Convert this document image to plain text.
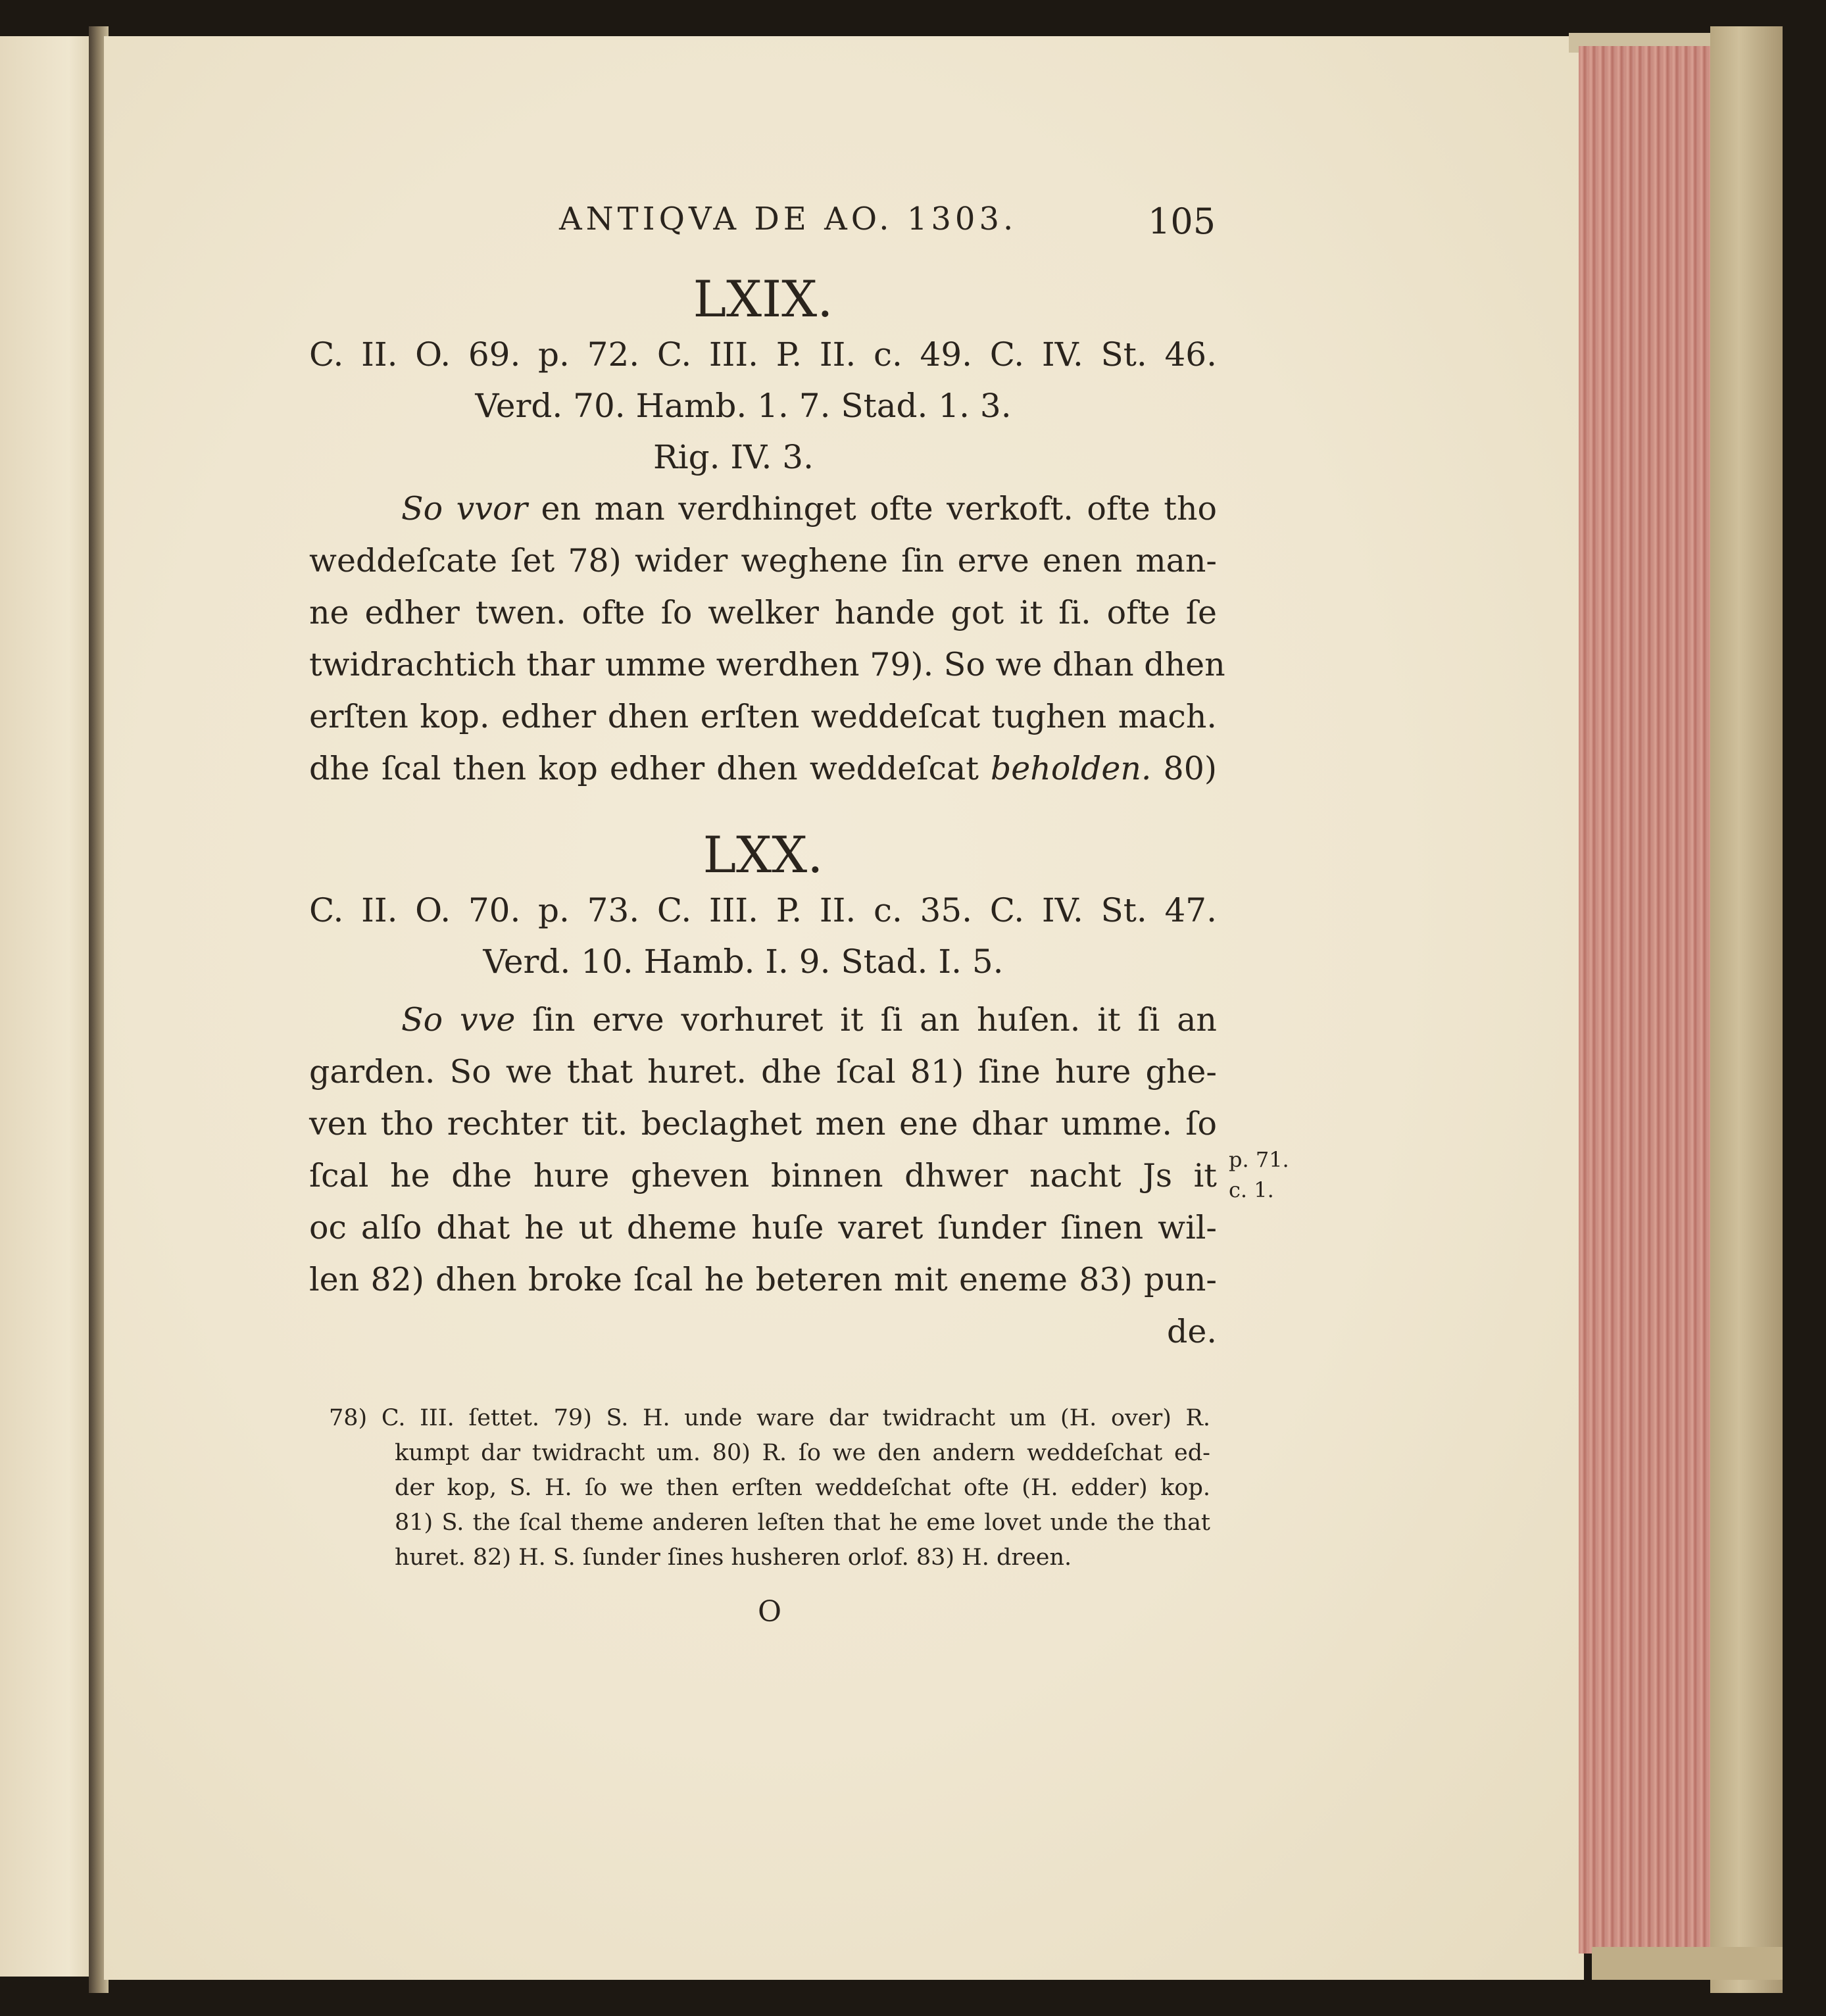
ANTIQVA DE AO. 1303.	105
LXIX.
C. II. O. 69. p. 72. C. III. P. II. c. 49. C. IV. St. 46.
Verd. 70. Hamb. 1. 7. Stad. 1. 3.
Rig. IV. 3.
So vvor en man verdhinget ofte verkoft. ofte tho
weddeſcate ſet 78) wider weghene ſin erve enen man-
ne edher twen. ofte ſo welker hande got it ſi. ofte ſe
twidrachtich thar umme werdhen 79). So we dhan dhen
erſten kop. edher dhen erſten weddeſcat tughen mach.
dhe ſcal then kop edher dhen weddeſcat beholden. 80)
LXX.
C. II. O. 70. p. 73. C. III. P. II. c. 35. C. IV. St. 47.
Verd. 10. Hamb. I. 9. Stad. I. 5.
So vve ſin erve vorhuret it ſi an huſen. it ſi an
garden. So we that huret. dhe ſcal 81) ſine hure ghe-
ven tho rechter tit. beclaghet men ene dhar umme. ſo
ſcal he dhe hure gheven binnen dhwer nacht Js it
oc alſo dhat he ut dheme huſe varet ſunder ſinen wil-
len 82) dhen broke ſcal he beteren mit eneme 83) pun-
de.
p. 71.
c. 1.
78) C. III. ſettet. 79) S. H. unde ware dar twidracht um (H. over) R.
kumpt dar twidracht um. 80) R. ſo we den andern weddeſchat ed-
der kop, S. H. ſo we then erſten weddeſchat ofte (H. edder) kop.
81) S. the ſcal theme anderen leſten that he eme lovet unde the that
huret. 82) H. S. ſunder ſines husheren orlof. 83) H. dreen.
O
